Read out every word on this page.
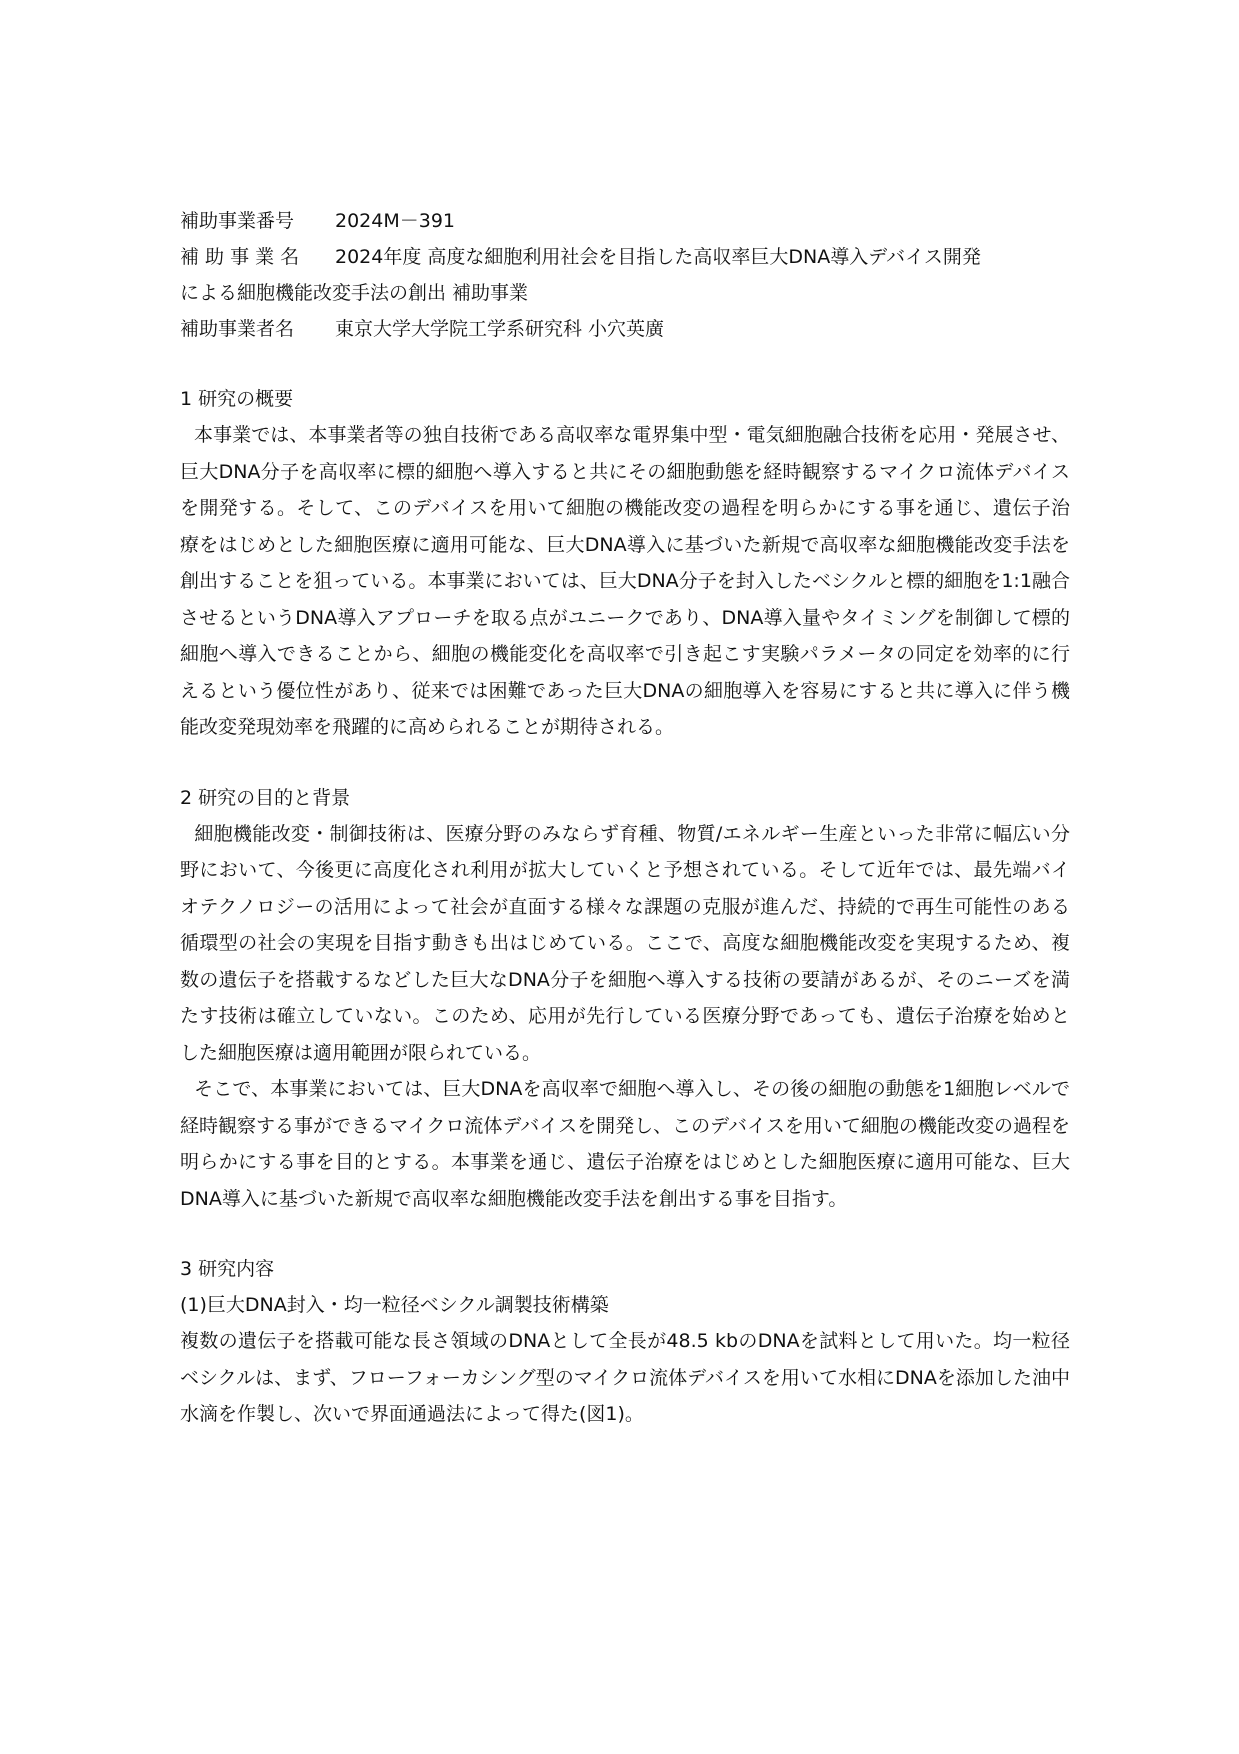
補助事業番号 2024M－391
補 助 事 業 名 2024年度 高度な細胞利用社会を目指した高収率巨大DNA導入デバイス開発
による細胞機能改変手法の創出 補助事業
補助事業者名 東京大学大学院工学系研究科 小穴英廣
1 研究の概要
本事業では、本事業者等の独自技術である高収率な電界集中型・電気細胞融合技術を応用・発展させ、巨大DNA分子を高収率に標的細胞へ導入すると共にその細胞動態を経時観察するマイクロ流体デバイスを開発する。そして、このデバイスを用いて細胞の機能改変の過程を明らかにする事を通じ、遺伝子治療をはじめとした細胞医療に適用可能な、巨大DNA導入に基づいた新規で高収率な細胞機能改変手法を創出することを狙っている。本事業においては、巨大DNA分子を封入したベシクルと標的細胞を1:1融合させるというDNA導入アプローチを取る点がユニークであり、DNA導入量やタイミングを制御して標的細胞へ導入できることから、細胞の機能変化を高収率で引き起こす実験パラメータの同定を効率的に行えるという優位性があり、従来では困難であった巨大DNAの細胞導入を容易にすると共に導入に伴う機能改変発現効率を飛躍的に高められることが期待される。
2 研究の目的と背景
細胞機能改変・制御技術は、医療分野のみならず育種、物質/エネルギー生産といった非常に幅広い分野において、今後更に高度化され利用が拡大していくと予想されている。そして近年では、最先端バイオテクノロジーの活用によって社会が直面する様々な課題の克服が進んだ、持続的で再生可能性のある循環型の社会の実現を目指す動きも出はじめている。ここで、高度な細胞機能改変を実現するため、複数の遺伝子を搭載するなどした巨大なDNA分子を細胞へ導入する技術の要請があるが、そのニーズを満たす技術は確立していない。このため、応用が先行している医療分野であっても、遺伝子治療を始めとした細胞医療は適用範囲が限られている。
そこで、本事業においては、巨大DNAを高収率で細胞へ導入し、その後の細胞の動態を1細胞レベルで経時観察する事ができるマイクロ流体デバイスを開発し、このデバイスを用いて細胞の機能改変の過程を明らかにする事を目的とする。本事業を通じ、遺伝子治療をはじめとした細胞医療に適用可能な、巨大DNA導入に基づいた新規で高収率な細胞機能改変手法を創出する事を目指す。
3 研究内容
(1)巨大DNA封入・均一粒径ベシクル調製技術構築
複数の遺伝子を搭載可能な長さ領域のDNAとして全長が48.5 kbのDNAを試料として用いた。均一粒径ベシクルは、まず、フローフォーカシング型のマイクロ流体デバイスを用いて水相にDNAを添加した油中水滴を作製し、次いで界面通過法によって得た(図1)。
